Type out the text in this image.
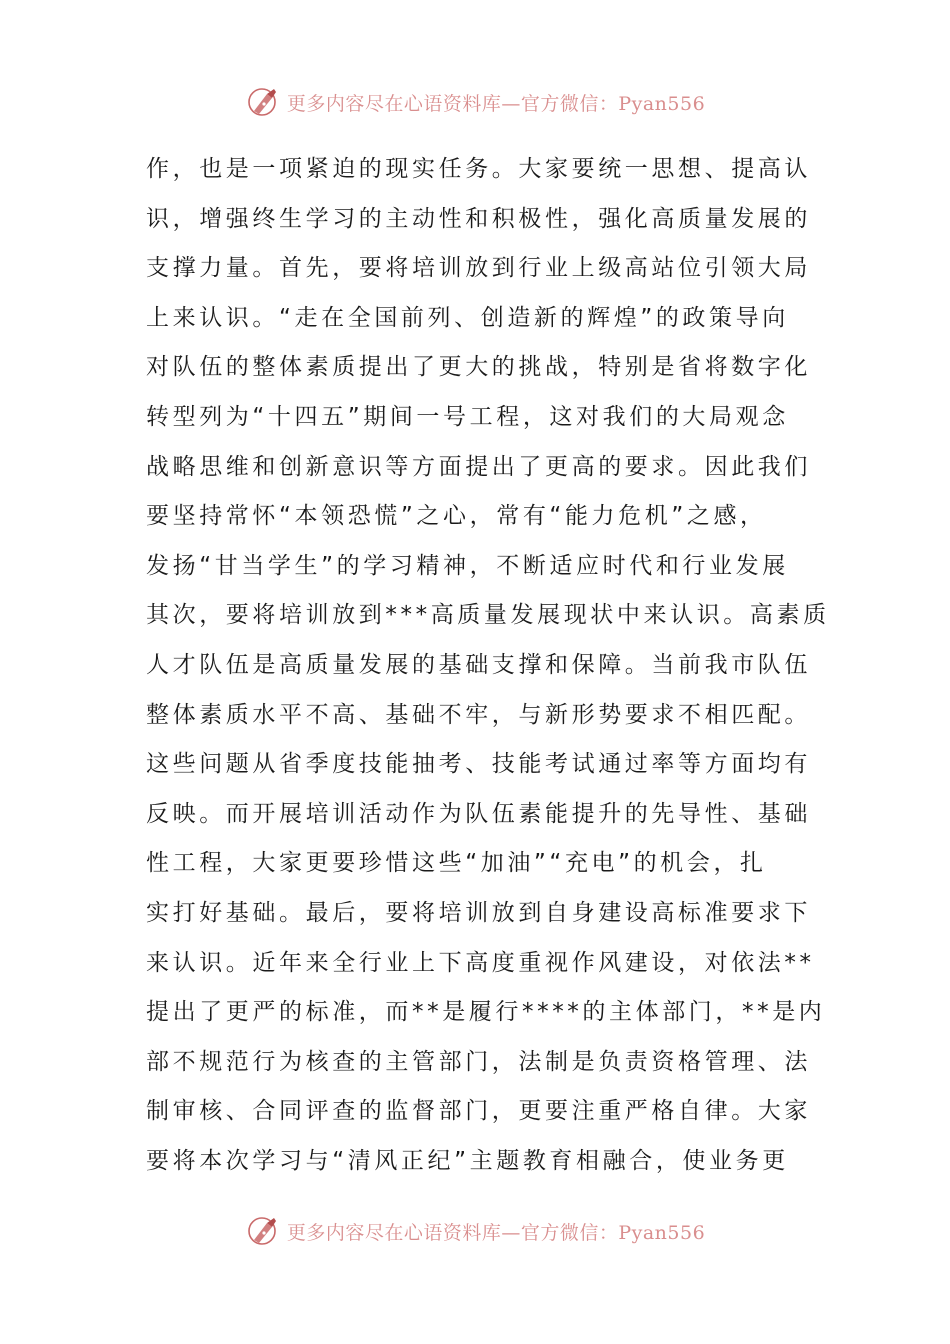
更多内容尽在心语资料库—官方微信：Pyan556
作，也是一项紧迫的现实任务。大家要统一思想、提高认
识，增强终生学习的主动性和积极性，强化高质量发展的
支撑力量。首先，要将培训放到行业上级高站位引领大局
上来认识。“走在全国前列、创造新的辉煌”的政策导向
对队伍的整体素质提出了更大的挑战，特别是省将数字化
转型列为“十四五”期间一号工程，这对我们的大局观念
战略思维和创新意识等方面提出了更高的要求。因此我们
要坚持常怀“本领恐慌”之心，常有“能力危机”之感，
发扬“甘当学生”的学习精神，不断适应时代和行业发展
其次，要将培训放到***高质量发展现状中来认识。高素质
人才队伍是高质量发展的基础支撑和保障。当前我市队伍
整体素质水平不高、基础不牢，与新形势要求不相匹配。
这些问题从省季度技能抽考、技能考试通过率等方面均有
反映。而开展培训活动作为队伍素能提升的先导性、基础
性工程，大家更要珍惜这些“加油”“充电”的机会，扎
实打好基础。最后，要将培训放到自身建设高标准要求下
来认识。近年来全行业上下高度重视作风建设，对依法**
提出了更严的标准，而**是履行****的主体部门，**是内
部不规范行为核查的主管部门，法制是负责资格管理、法
制审核、合同评查的监督部门，更要注重严格自律。大家
要将本次学习与“清风正纪”主题教育相融合，使业务更
更多内容尽在心语资料库—官方微信：Pyan556
